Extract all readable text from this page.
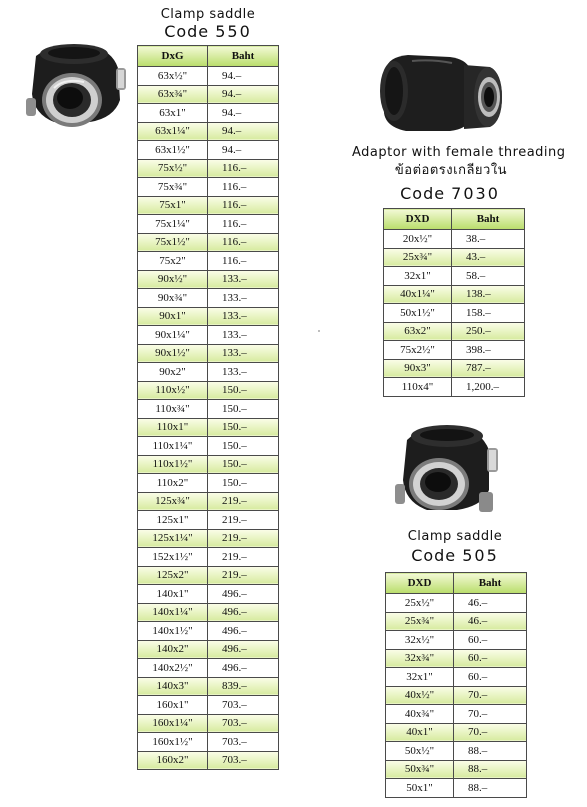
Clamp saddle
Code 550
DxG	Baht
63x½"	94.–
63x¾"	94.–
63x1"	94.–
63x1¼"	94.–
63x1½"	94.–
75x½"	116.–
75x¾"	116.–
75x1"	116.–
75x1¼"	116.–
75x1½"	116.–
75x2"	116.–
90x½"	133.–
90x¾"	133.–
90x1"	133.–
90x1¼"	133.–
90x1½"	133.–
90x2"	133.–
110x½"	150.–
110x¾"	150.–
110x1"	150.–
110x1¼"	150.–
110x1½"	150.–
110x2"	150.–
125x¾"	219.–
125x1"	219.–
125x1¼"	219.–
152x1½"	219.–
125x2"	219.–
140x1"	496.–
140x1¼"	496.–
140x1½"	496.–
140x2"	496.–
140x2½"	496.–
140x3"	839.–
160x1"	703.–
160x1¼"	703.–
160x1½"	703.–
160x2"	703.–
Adaptor with female threading
ข้อต่อตรงเกลียวใน
Code 7030
DXD	Baht
20x½"	38.–
25x¾"	43.–
32x1"	58.–
40x1¼"	138.–
50x1½"	158.–
63x2"	250.–
75x2½"	398.–
90x3"	787.–
110x4"	1,200.–
Clamp saddle
Code 505
DXD	Baht
25x½"	46.–
25x¾"	46.–
32x½"	60.–
32x¾"	60.–
32x1"	60.–
40x½"	70.–
40x¾"	70.–
40x1"	70.–
50x½"	88.–
50x¾"	88.–
50x1"	88.–
